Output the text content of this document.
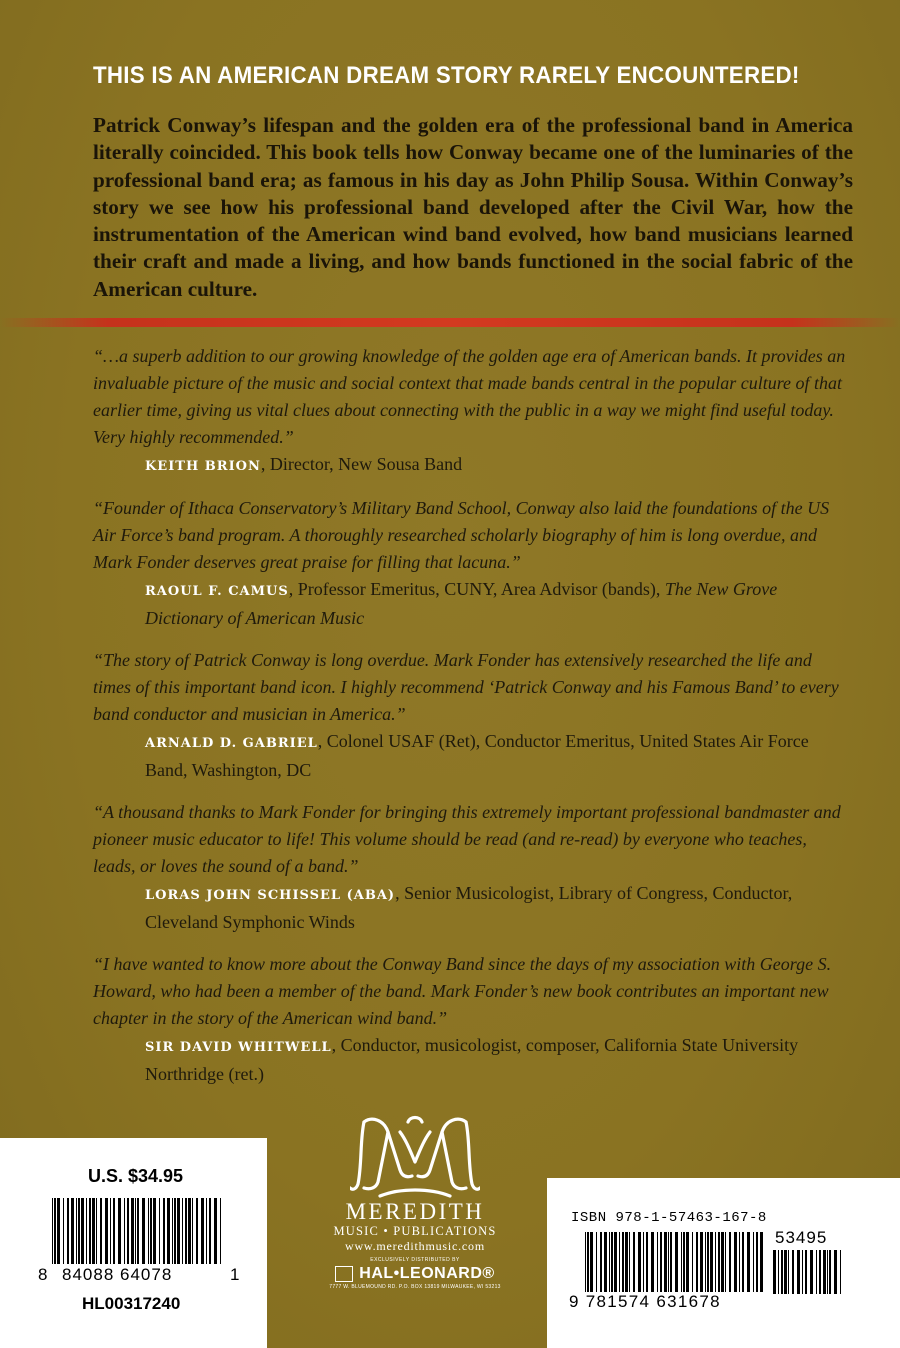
THIS IS AN AMERICAN DREAM STORY RARELY ENCOUNTERED!
Patrick Conway’s lifespan and the golden era of the professional band in America literally coincided. This book tells how Conway became one of the luminaries of the professional band era; as famous in his day as John Philip Sousa. Within Conway’s story we see how his professional band developed after the Civil War, how the instrumentation of the American wind band evolved, how band musicians learned their craft and made a living, and how bands functioned in the social fabric of the American culture.
“…a superb addition to our growing knowledge of the golden age era of American bands. It provides an invaluable picture of the music and social context that made bands central in the popular culture of that earlier time, giving us vital clues about connecting with the public in a way we might find useful today. Very highly recommended.”
KEITH BRION, Director, New Sousa Band
“Founder of Ithaca Conservatory’s Military Band School, Conway also laid the foundations of the US Air Force’s band program. A thoroughly researched scholarly biography of him is long overdue, and Mark Fonder deserves great praise for filling that lacuna.”
RAOUL F. CAMUS, Professor Emeritus, CUNY, Area Advisor (bands), The New Grove Dictionary of American Music
“The story of Patrick Conway is long overdue. Mark Fonder has extensively researched the life and times of this important band icon. I highly recommend ‘Patrick Conway and his Famous Band’ to every band conductor and musician in America.”
ARNALD D. GABRIEL, Colonel USAF (Ret), Conductor Emeritus, United States Air Force Band, Washington, DC
“A thousand thanks to Mark Fonder for bringing this extremely important professional bandmaster and pioneer music educator to life! This volume should be read (and re-read) by everyone who teaches, leads, or loves the sound of a band.”
LORAS JOHN SCHISSEL (ABA), Senior Musicologist, Library of Congress, Conductor, Cleveland Symphonic Winds
“I have wanted to know more about the Conway Band since the days of my association with George S. Howard, who had been a member of the band. Mark Fonder’s new book contributes an important new chapter in the story of the American wind band.”
SIR DAVID WHITWELL, Conductor, musicologist, composer, California State University Northridge (ret.)
U.S. $34.95
8 84088 64078	1
HL00317240
MEREDITH
MUSIC • PUBLICATIONS
www.meredithmusic.com
EXCLUSIVELY DISTRIBUTED BY
HAL•LEONARD®
7777 W. BLUEMOUND RD. P.O. BOX 13819 MILWAUKEE, WI 53213
ISBN 978-1-57463-167-8
53495
9 781574 631678
